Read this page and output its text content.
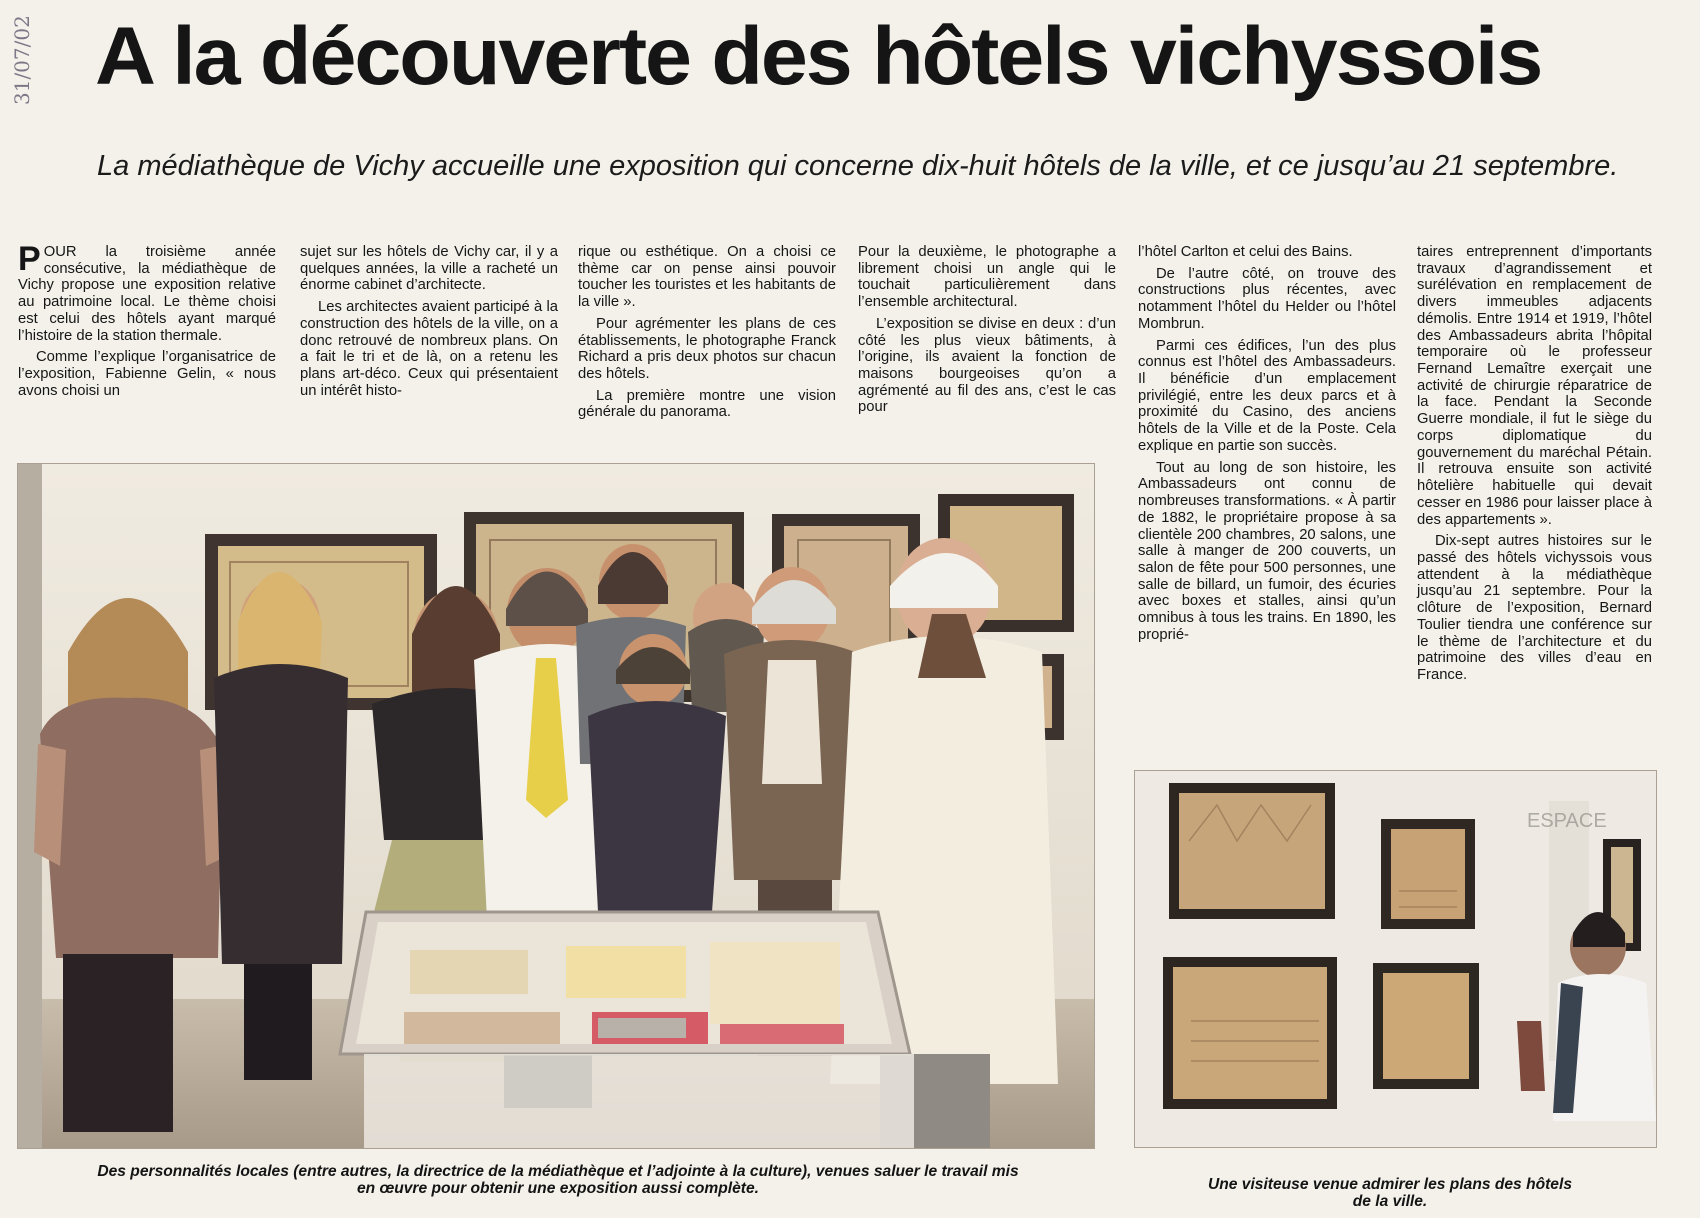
31/07/02 A la découverte des hôtels vichyssois

La médiathèque de Vichy accueille une exposition qui concerne dix-huit hôtels de la ville, et ce jusqu’au 21 septembre.

P OUR la troisième année consécutive, la médiathèque de Vichy propose une exposition relative au patrimoine local. Le thème choisi est celui des hôtels ayant marqué l’histoire de la station thermale.

Comme l’explique l’organisatrice de l’exposition, Fabienne Gelin, « nous avons choisi un

sujet sur les hôtels de Vichy car, il y a quelques années, la ville a racheté un énorme cabinet d’architecte.

Les architectes avaient participé à la construction des hôtels de la ville, on a donc retrouvé de nombreux plans. On a fait le tri et de là, on a retenu les plans art-déco. Ceux qui présentaient un intérêt histo-

rique ou esthétique. On a choisi ce thème car on pense ainsi pouvoir toucher les touristes et les habitants de la ville ».

Pour agrémenter les plans de ces établissements, le photographe Franck Richard a pris deux photos sur chacun des hôtels.

La première montre une vision générale du panorama.

Pour la deuxième, le photographe a librement choisi un angle qui le touchait particulièrement dans l’ensemble architectural.

L’exposition se divise en deux : d’un côté les plus vieux bâtiments, à l’origine, ils avaient la fonction de maisons bourgeoises qu’on a agrémenté au fil des ans, c’est le cas pour

l’hôtel Carlton et celui des Bains.

De l’autre côté, on trouve des constructions plus récentes, avec notamment l’hôtel du Helder ou l’hôtel Mombrun.

Parmi ces édifices, l’un des plus connus est l’hôtel des Ambassadeurs. Il bénéficie d’un emplacement privilégié, entre les deux parcs et à proximité du Casino, des anciens hôtels de la Ville et de la Poste. Cela explique en partie son succès.

Tout au long de son histoire, les Ambassadeurs ont connu de nombreuses transformations. « À partir de 1882, le propriétaire propose à sa clientèle 200 chambres, 20 salons, une salle à manger de 200 couverts, un salon de fête pour 500 personnes, une salle de billard, un fumoir, des écuries avec boxes et stalles, ainsi qu’un omnibus à tous les trains. En 1890, les proprié-

taires entreprennent d’importants travaux d’agrandissement et surélévation en remplacement de divers immeubles adjacents démolis. Entre 1914 et 1919, l’hôtel des Ambassadeurs abrita l’hôpital temporaire où le professeur Fernand Lemaître exerçait une activité de chirurgie réparatrice de la face. Pendant la Seconde Guerre mondiale, il fut le siège du corps diplomatique du gouvernement du maréchal Pétain. Il retrouva ensuite son activité hôtelière habituelle qui devait cesser en 1986 pour laisser place à des appartements ».

Dix-sept autres histoires sur le passé des hôtels vichyssois vous attendent à la médiathèque jusqu’au 21 septembre. Pour la clôture de l’exposition, Bernard Toulier tiendra une conférence sur le thème de l’architecture et du patrimoine des villes d’eau en France.

ESPACE
Des personnalités locales (entre autres, la directrice de la médiathèque et l’adjointe à la culture), venues saluer le travail mis en œuvre pour obtenir une exposition aussi complète.	Une visiteuse venue admirer les plans des hôtels de la ville.
